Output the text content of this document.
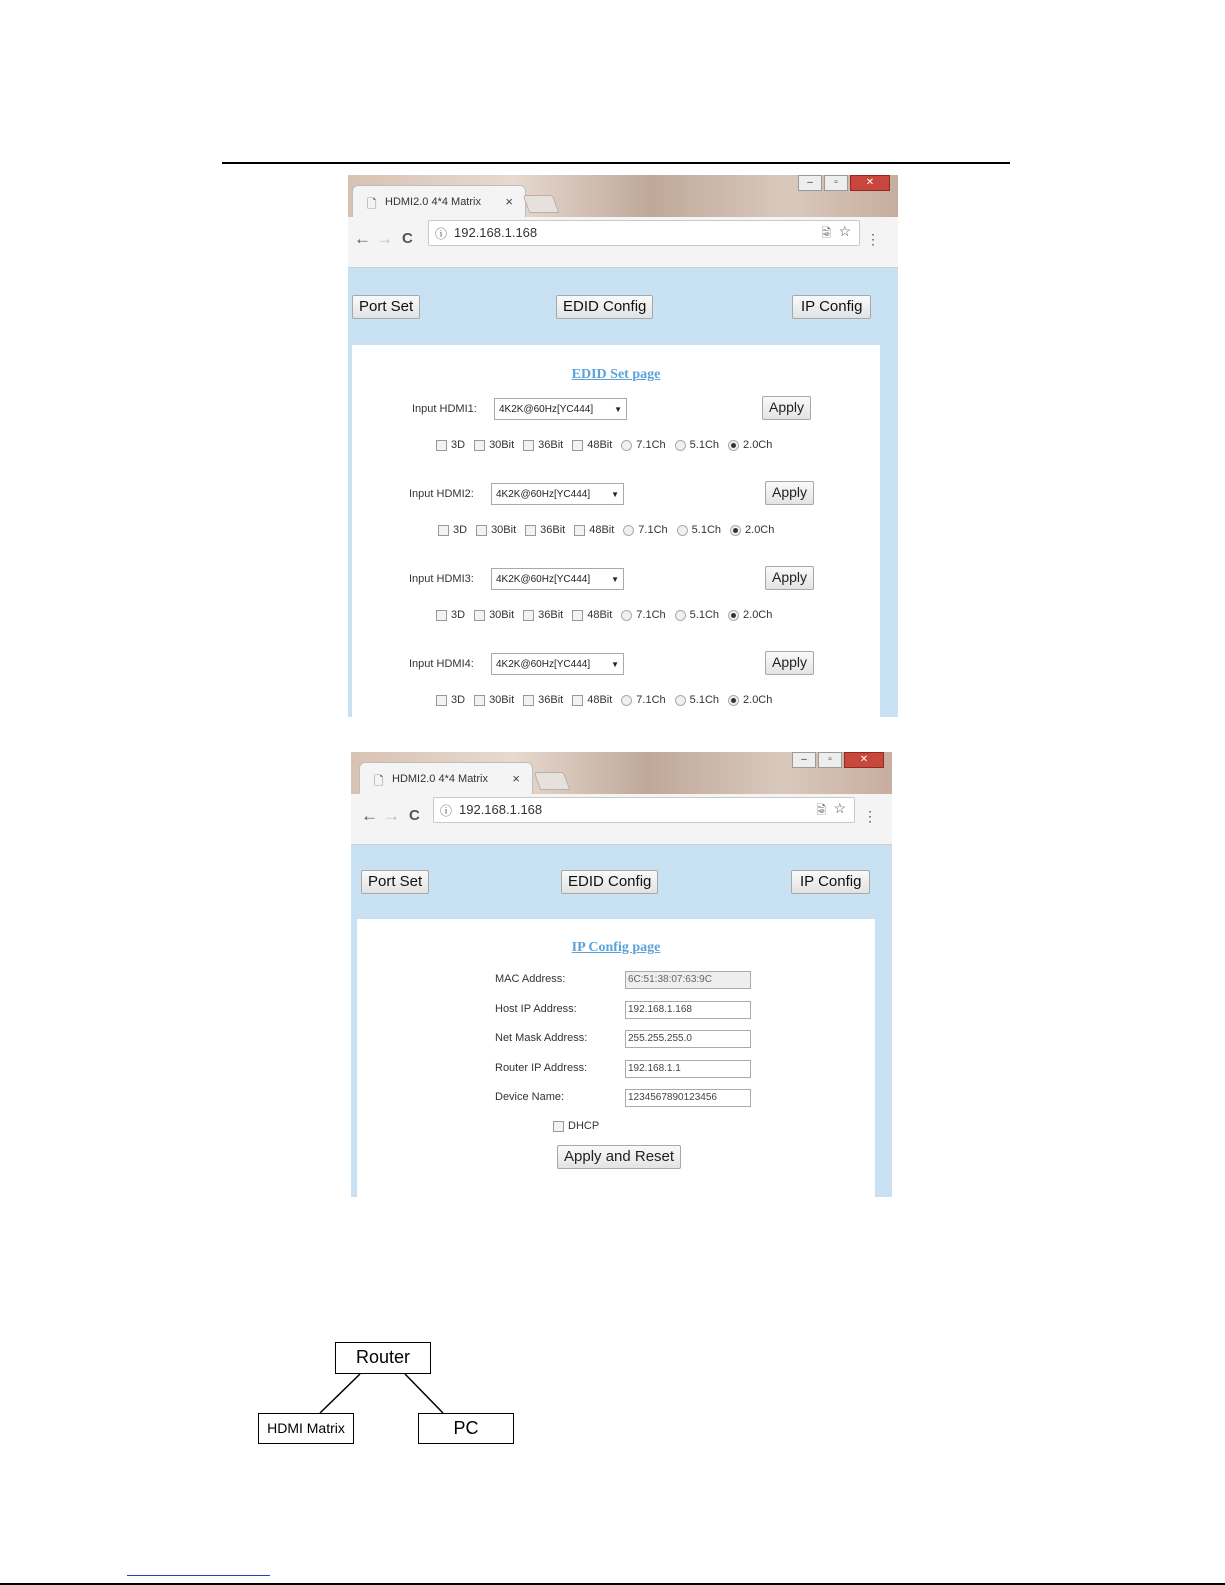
🗋 HDMI2.0 4*4 Matrix ×
–	▫	✕
← → C ⓘ 192.168.1.168	🗟 ☆ ⋮
Port Set	EDID Config	IP Config
EDID Set page
Input HDMI1:	4K2K@60Hz[YC444]	▼	Apply
3D 30Bit 36Bit 48Bit 7.1Ch 5.1Ch 2.0Ch
Input HDMI2:	4K2K@60Hz[YC444]	▼	Apply
3D 30Bit 36Bit 48Bit 7.1Ch 5.1Ch 2.0Ch
Input HDMI3:	4K2K@60Hz[YC444]	▼	Apply
3D 30Bit 36Bit 48Bit 7.1Ch 5.1Ch 2.0Ch
Input HDMI4:	4K2K@60Hz[YC444]	▼	Apply
3D 30Bit 36Bit 48Bit 7.1Ch 5.1Ch 2.0Ch
🗋 HDMI2.0 4*4 Matrix ×
–	▫	✕
← → C ⓘ 192.168.1.168	🗟 ☆ ⋮
Port Set	EDID Config	IP Config
IP Config page
MAC Address:	6C:51:38:07:63:9C
Host IP Address:	192.168.1.168
Net Mask Address:	255.255.255.0
Router IP Address:	192.168.1.1
Device Name:	1234567890123456
DHCP
Apply and Reset
Router
HDMI Matrix	PC
